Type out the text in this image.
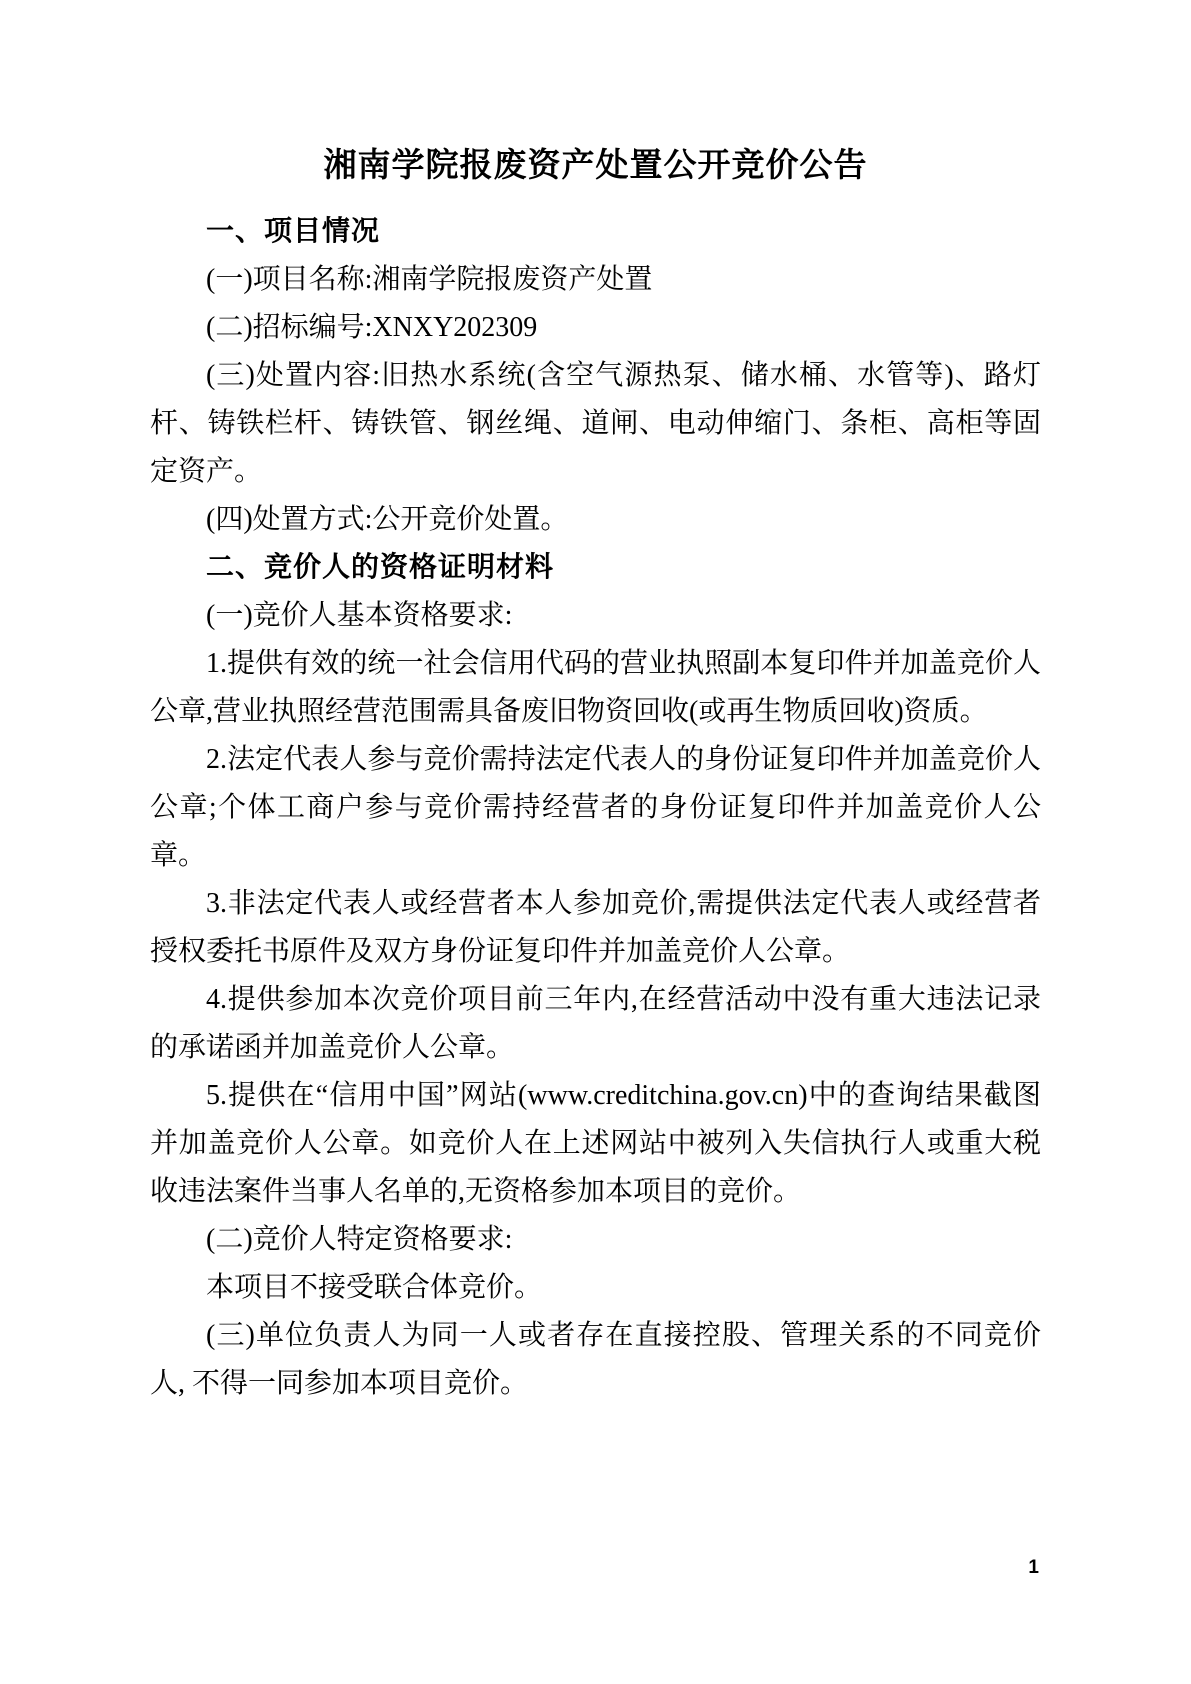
湘南学院报废资产处置公开竞价公告

一、项目情况

(一)项目名称:湘南学院报废资产处置

(二)招标编号:XNXY202309

(三)处置内容:旧热水系统(含空气源热泵、储水桶、水管等)、路灯杆、铸铁栏杆、铸铁管、钢丝绳、道闸、电动伸缩门、条柜、高柜等固定资产。

(四)处置方式:公开竞价处置。

二、竞价人的资格证明材料

(一)竞价人基本资格要求:

1.提供有效的统一社会信用代码的营业执照副本复印件并加盖竞价人公章,营业执照经营范围需具备废旧物资回收(或再生物质回收)资质。

2.法定代表人参与竞价需持法定代表人的身份证复印件并加盖竞价人公章;个体工商户参与竞价需持经营者的身份证复印件并加盖竞价人公章。

3.非法定代表人或经营者本人参加竞价,需提供法定代表人或经营者授权委托书原件及双方身份证复印件并加盖竞价人公章。

4.提供参加本次竞价项目前三年内,在经营活动中没有重大违法记录的承诺函并加盖竞价人公章。

5.提供在“信用中国”网站(www.creditchina.gov.cn)中的查询结果截图并加盖竞价人公章。如竞价人在上述网站中被列入失信执行人或重大税收违法案件当事人名单的,无资格参加本项目的竞价。

(二)竞价人特定资格要求:

本项目不接受联合体竞价。

(三)单位负责人为同一人或者存在直接控股、管理关系的不同竞价人, 不得一同参加本项目竞价。

1
